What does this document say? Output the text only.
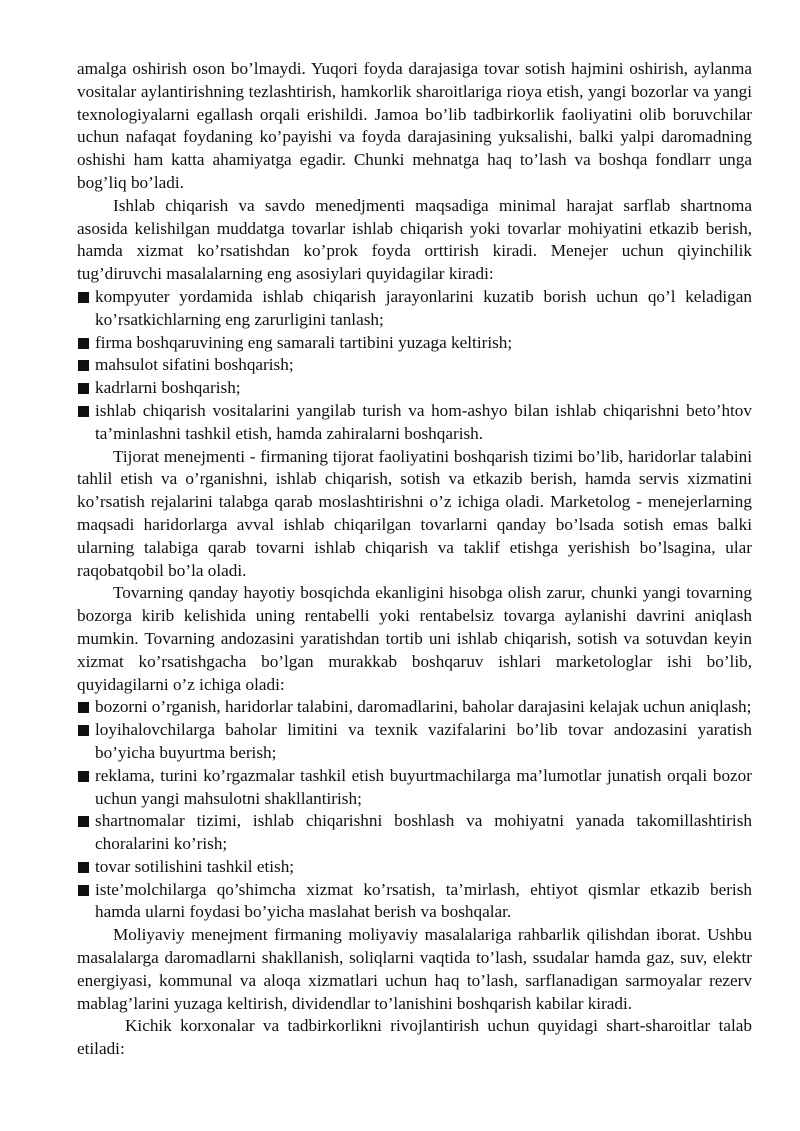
amalga oshirish oson bo’lmaydi. Yuqori foyda darajasiga tovar sotish hajmini oshirish, aylanma vositalar aylantirishning tezlashtirish, hamkorlik sharoitlariga rioya etish, yangi bozorlar va yangi texnologiyalarni egallash orqali erishildi. Jamoa bo’lib tadbirkorlik faoliyatini olib boruvchilar uchun nafaqat foydaning ko’payishi va foyda darajasining yuksalishi, balki yalpi daromadning oshishi ham katta ahamiyatga egadir. Chunki mehnatga haq to’lash va boshqa fondlarr unga bog’liq bo’ladi.

Ishlab chiqarish va savdo menedjmenti maqsadiga minimal harajat sarflab shartnoma asosida kelishilgan muddatga tovarlar ishlab chiqarish yoki tovarlar mohiyatini etkazib berish, hamda xizmat ko’rsatishdan ko’prok foyda orttirish kiradi. Menejer uchun qiyinchilik tug’diruvchi masalalarning eng asosiylari quyidagilar kiradi:

kompyuter yordamida ishlab chiqarish jarayonlarini kuzatib borish uchun qo’l keladigan ko’rsatkichlarning eng zarurligini tanlash;
firma boshqaruvining eng samarali tartibini yuzaga keltirish;
mahsulot sifatini boshqarish;
kadrlarni boshqarish;
ishlab chiqarish vositalarini yangilab turish va hom-ashyo bilan ishlab chiqarishni beto’htov ta’minlashni tashkil etish, hamda zahiralarni boshqarish.

Tijorat menejmenti - firmaning tijorat faoliyatini boshqarish tizimi bo’lib, haridorlar talabini tahlil etish va o’rganishni, ishlab chiqarish, sotish va etkazib berish, hamda servis xizmatini ko’rsatish rejalarini talabga qarab moslashtirishni o’z ichiga oladi. Marketolog - menejerlarning maqsadi haridorlarga avval ishlab chiqarilgan tovarlarni qanday bo’lsada sotish emas balki ularning talabiga qarab tovarni ishlab chiqarish va taklif etishga yerishish bo’lsagina, ular raqobatqobil bo’la oladi.

Tovarning qanday hayotiy bosqichda ekanligini hisobga olish zarur, chunki yangi tovarning bozorga kirib kelishida uning rentabelli yoki rentabelsiz tovarga aylanishi davrini aniqlash mumkin. Tovarning andozasini yaratishdan tortib uni ishlab chiqarish, sotish va sotuvdan keyin xizmat ko’rsatishgacha bo’lgan murakkab boshqaruv ishlari marketologlar ishi bo’lib, quyidagilarni o’z ichiga oladi:

bozorni o’rganish, haridorlar talabini, daromadlarini, baholar darajasini kelajak uchun aniqlash;
loyihalovchilarga baholar limitini va texnik vazifalarini bo’lib tovar andozasini yaratish bo’yicha buyurtma berish;
reklama, turini ko’rgazmalar tashkil etish buyurtmachilarga ma’lumotlar junatish orqali bozor uchun yangi mahsulotni shakllantirish;
shartnomalar tizimi, ishlab chiqarishni boshlash va mohiyatni yanada takomillashtirish choralarini ko’rish;
tovar sotilishini tashkil etish;
iste’molchilarga qo’shimcha xizmat ko’rsatish, ta’mirlash, ehtiyot qismlar etkazib berish hamda ularni foydasi bo’yicha maslahat berish va boshqalar.

Moliyaviy menejment firmaning moliyaviy masalalariga rahbarlik qilishdan iborat. Ushbu masalalarga daromadlarni shakllanish, soliqlarni vaqtida to’lash, ssudalar hamda gaz, suv, elektr energiyasi, kommunal va aloqa xizmatlari uchun haq to’lash, sarflanadigan sarmoyalar rezerv mablag’larini yuzaga keltirish, dividendlar to’lanishini boshqarish kabilar kiradi.

Kichik korxonalar va tadbirkorlikni rivojlantirish uchun quyidagi shart-sharoitlar talab etiladi:
